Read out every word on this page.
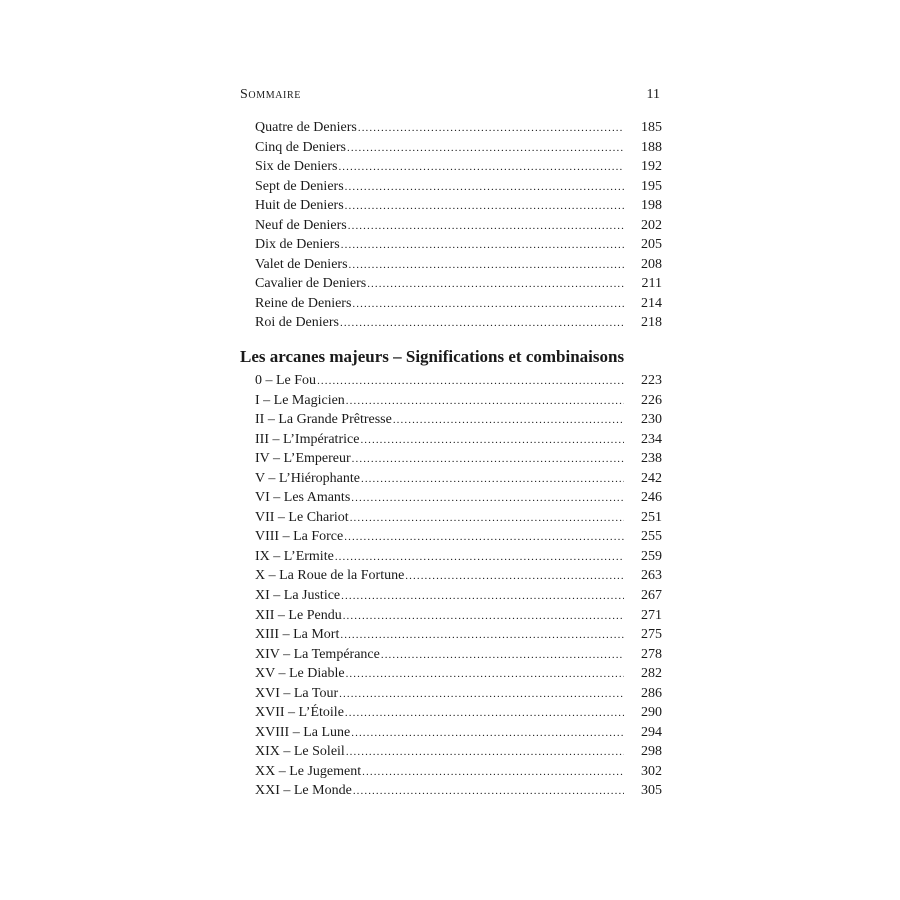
Sommaire	11
Quatre de Deniers .....	185
Cinq de Deniers .....	188
Six de Deniers .....	192
Sept de Deniers .....	195
Huit de Deniers .....	198
Neuf de Deniers .....	202
Dix de Deniers .....	205
Valet de Deniers .....	208
Cavalier de Deniers .....	211
Reine de Deniers .....	214
Roi de Deniers .....	218
Les arcanes majeurs – Significations et combinaisons
0 – Le Fou .....	223
I – Le Magicien .....	226
II – La Grande Prêtresse .....	230
III – L’Impératrice .....	234
IV – L’Empereur .....	238
V – L’Hiérophante .....	242
VI – Les Amants .....	246
VII – Le Chariot .....	251
VIII – La Force .....	255
IX – L’Ermite .....	259
X – La Roue de la Fortune .....	263
XI – La Justice .....	267
XII – Le Pendu .....	271
XIII – La Mort .....	275
XIV – La Tempérance .....	278
XV – Le Diable .....	282
XVI – La Tour .....	286
XVII – L’Étoile .....	290
XVIII – La Lune .....	294
XIX – Le Soleil .....	298
XX – Le Jugement .....	302
XXI – Le Monde .....	305
